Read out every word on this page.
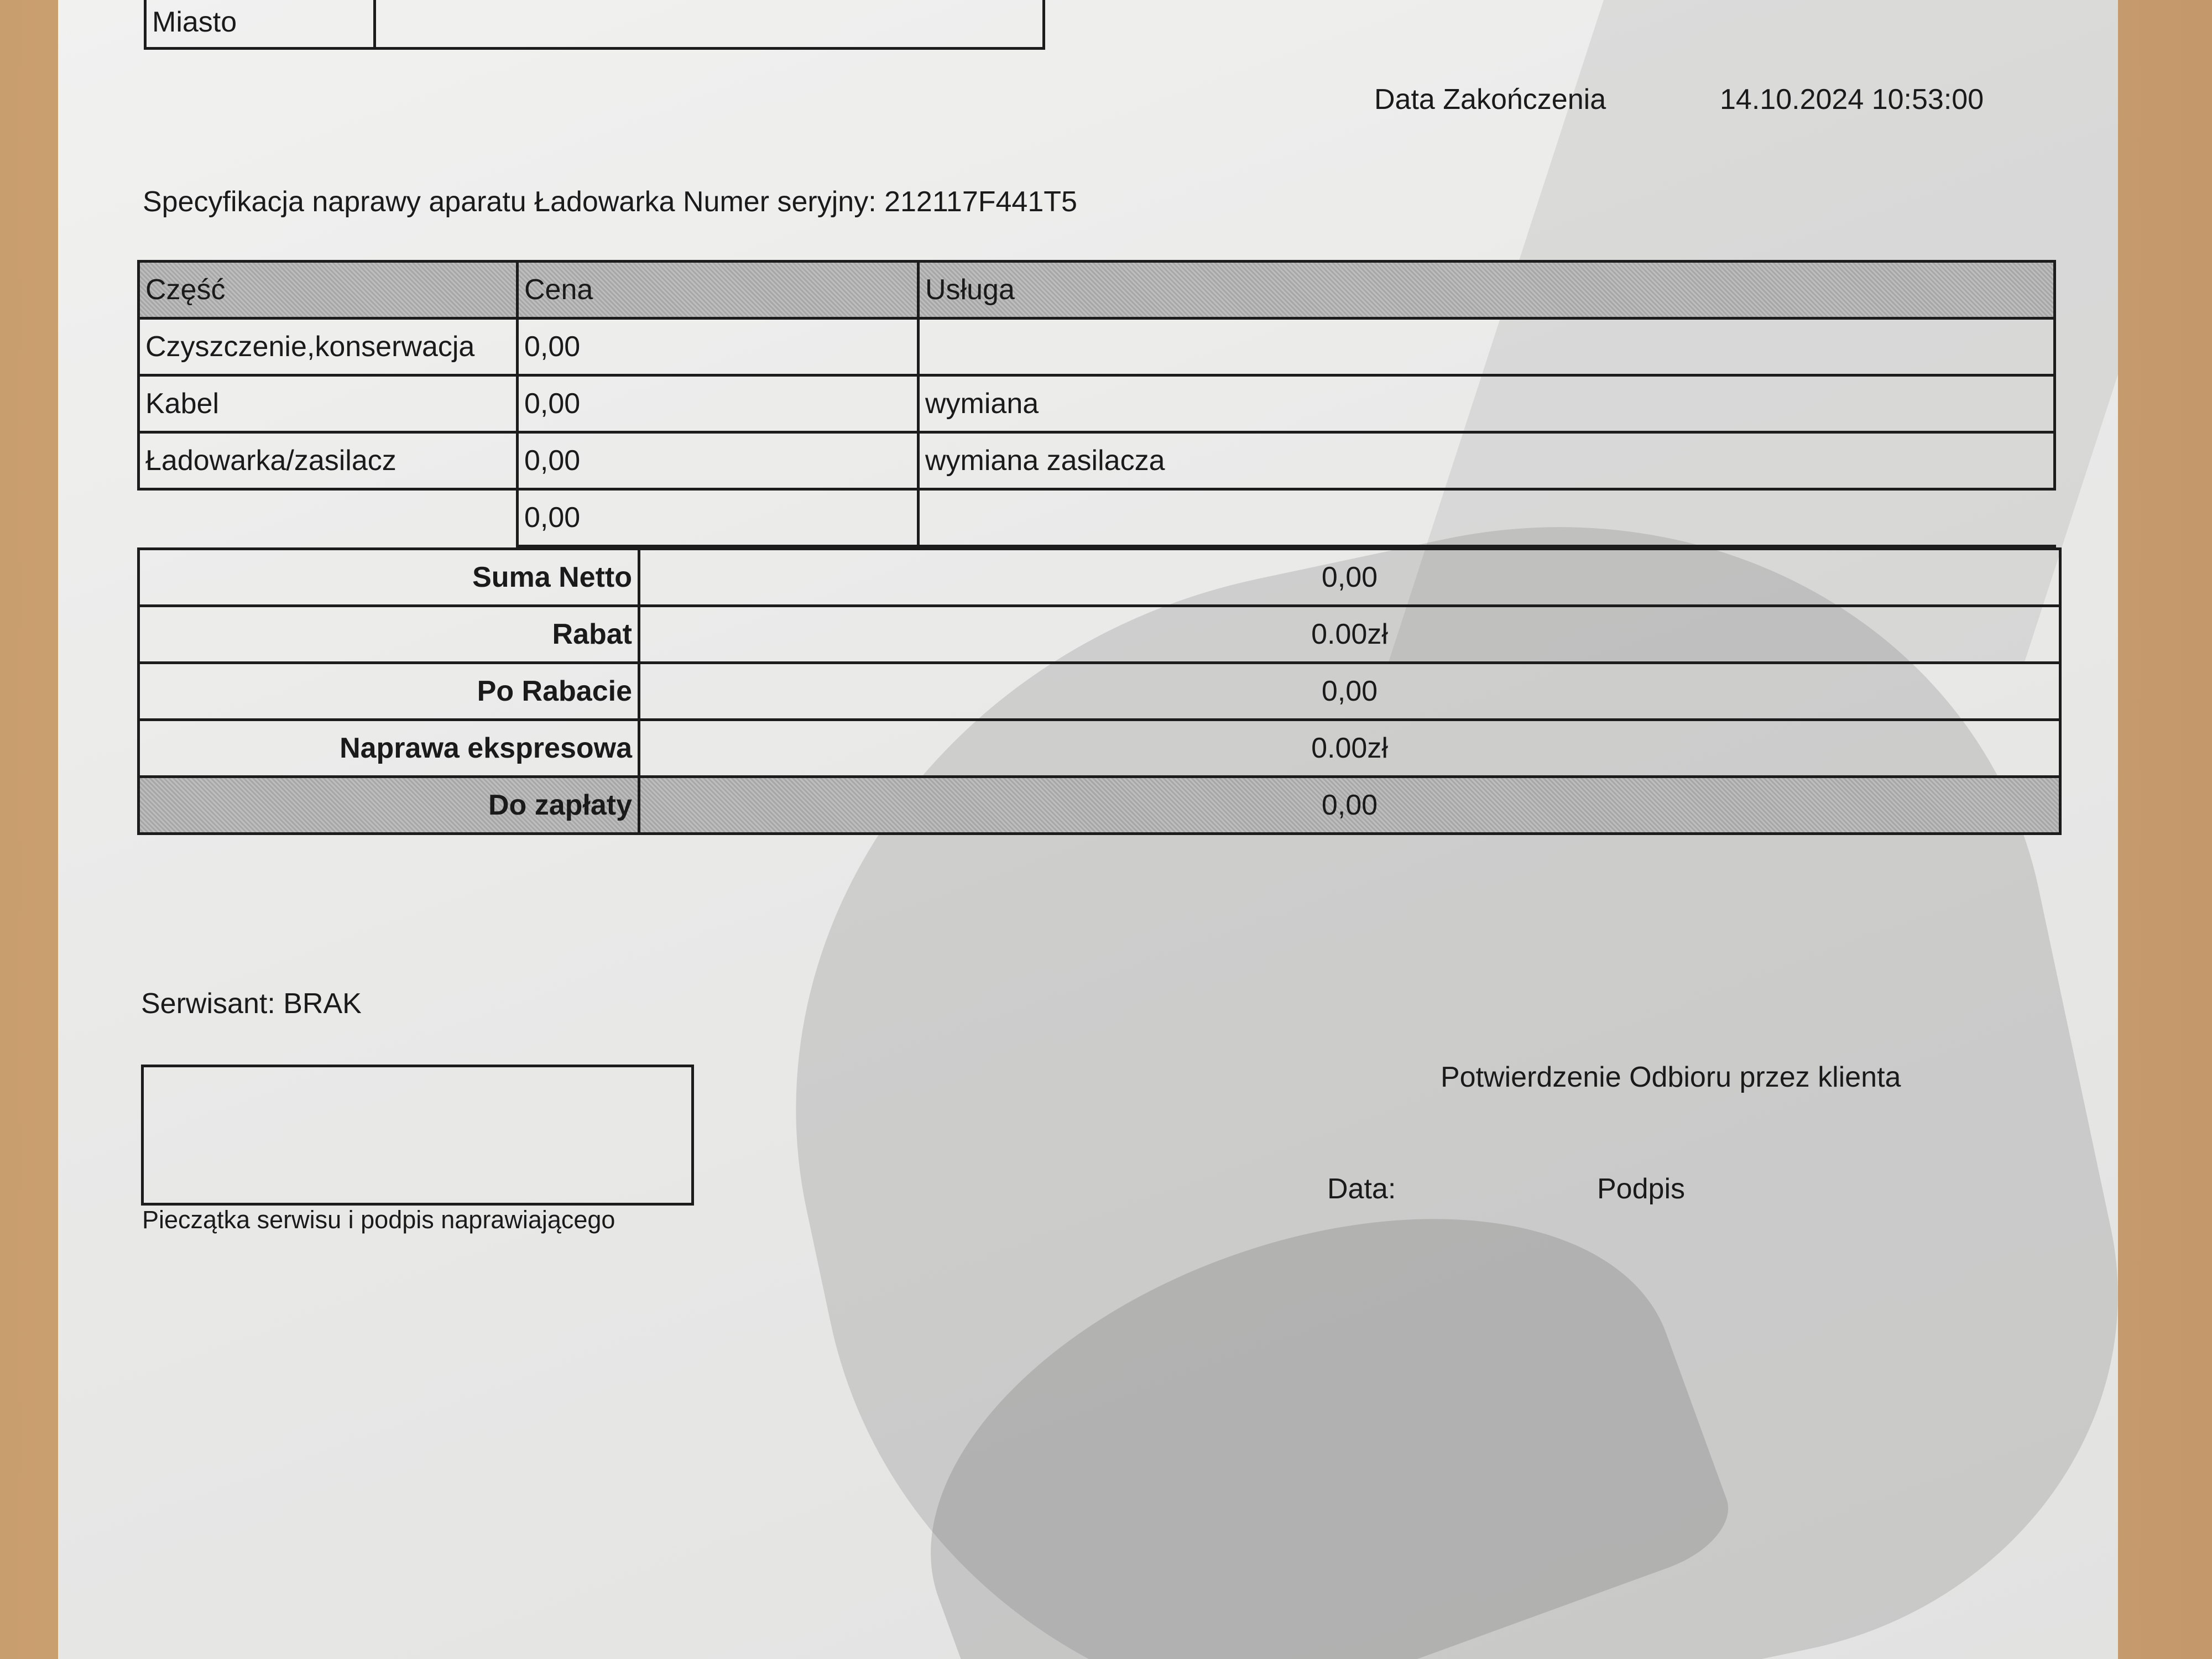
Miasto	
Data Zakończenia	14.10.2024 10:53:00
Specyfikacja naprawy aparatu Ładowarka Numer seryjny: 212117F441T5
Część	Cena	Usługa
Czyszczenie,konserwacja	0,00	
Kabel	0,00	wymiana
Ładowarka/zasilacz	0,00	wymiana zasilacza
	0,00	
Suma Netto	0,00
Rabat	0.00zł
Po Rabacie	0,00
Naprawa ekspresowa	0.00zł
Do zapłaty	0,00
Serwisant: BRAK
Pieczątka serwisu i podpis naprawiającego
Potwierdzenie Odbioru przez klienta
Data:	Podpis
